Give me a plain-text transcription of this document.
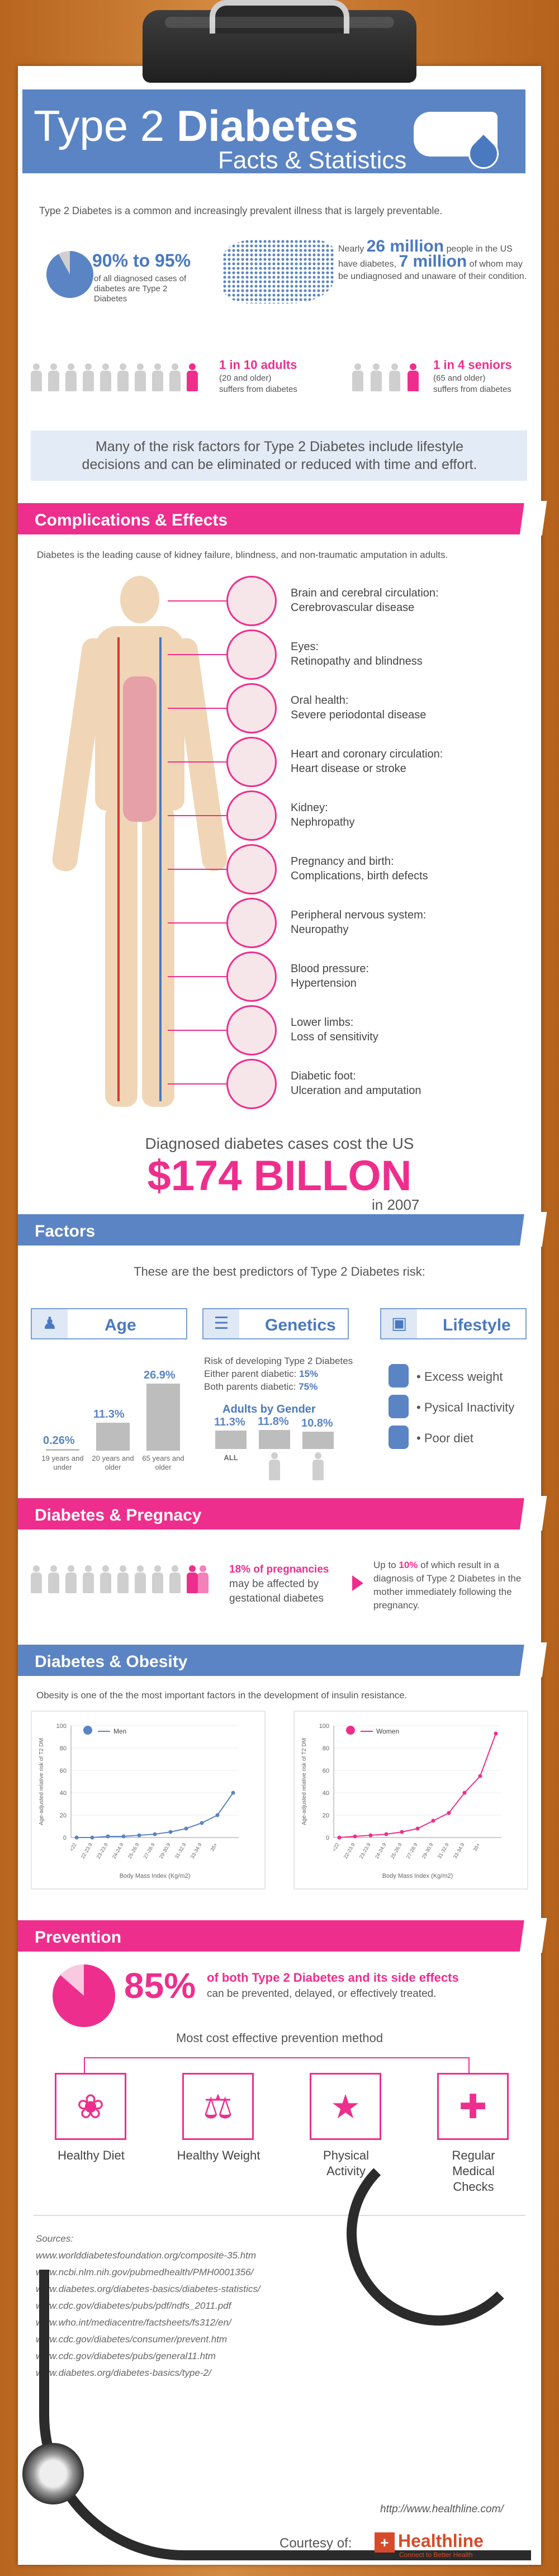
Type 2 Diabetes
Facts & Statistics
Type 2 Diabetes is a common and increasingly prevalent illness that is largely preventable.
90% to 95%
of all diagnosed cases of diabetes are Type 2 Diabetes
Nearly 26 million people in the US have diabetes, 7 million of whom may be undiagnosed and unaware of their condition.
1 in 10 adults
(20 and older)
suffers from diabetes
1 in 4 seniors
(65 and older)
suffers from diabetes
Many of the risk factors for Type 2 Diabetes include lifestyle decisions and can be eliminated or reduced with time and effort.
Complications & Effects
Diabetes is the leading cause of kidney failure, blindness, and non-traumatic amputation in adults.
Brain and cerebral circulation:
Cerebrovascular disease
Eyes:
Retinopathy and blindness
Oral health:
Severe periodontal disease
Heart and coronary circulation:
Heart disease or stroke
Kidney:
Nephropathy
Pregnancy and birth:
Complications, birth defects
Peripheral nervous system:
Neuropathy
Blood pressure:
Hypertension
Lower limbs:
Loss of sensitivity
Diabetic foot:
Ulceration and amputation
Diagnosed diabetes cases cost the US
$174 BILLON
in 2007
Factors
These are the best predictors of Type 2 Diabetes risk:
♟	Age	☰	Genetics	▣	Lifestyle
0.26%
19 years and under
11.3%
20 years and older
26.9%
65 years and older
Risk of developing Type 2 Diabetes
Either parent diabetic: 15%
Both parents diabetic: 75%
Adults by Gender
11.3%
ALL
11.8% 10.8%
• Excess weight
• Pysical Inactivity
• Poor diet
Diabetes & Pregnacy
18% of pregnancies may be affected by gestational diabetes
Up to 10% of which result in a diagnosis of Type 2 Diabetes in the mother immediately following the pregnancy.
Diabetes & Obesity
Obesity is one of the the most important factors in the development of insulin resistance.
0
20
40
60
80
100
<22 22-23.9 23-23.9 24-24.9 25-26.9 27-28.9 29-30.9 31-32.9 33-34.9 35+
Body Mass Index (Kg/m2)
Age-adjusted relative risk of T2 DM
Men
0
20
40
60
80
100
<22 22-23.9 23-23.9 24-24.9 25-26.9 27-28.9 29-30.9 31-32.9 33-34.9 35+
Body Mass Index (Kg/m2)
Age-adjusted relative risk of T2 DM
Women
Prevention
85% of both Type 2 Diabetes and its side effects
can be prevented, delayed, or effectively treated.
Most cost effective prevention method
❀
Healthy Diet
⚖
Healthy Weight
★
Physical Activity
✚
Regular Medical Checks
Sources:
www.worlddiabetesfoundation.org/composite-35.htm
www.ncbi.nlm.nih.gov/pubmedhealth/PMH0001356/
www.diabetes.org/diabetes-basics/diabetes-statistics/
www.cdc.gov/diabetes/pubs/pdf/ndfs_2011.pdf
www.who.int/mediacentre/factsheets/fs312/en/
www.cdc.gov/diabetes/consumer/prevent.htm
www.cdc.gov/diabetes/pubs/general11.htm
www.diabetes.org/diabetes-basics/type-2/
http://www.healthline.com/
Courtesy of:	+ Healthline
Connect to Better Health
